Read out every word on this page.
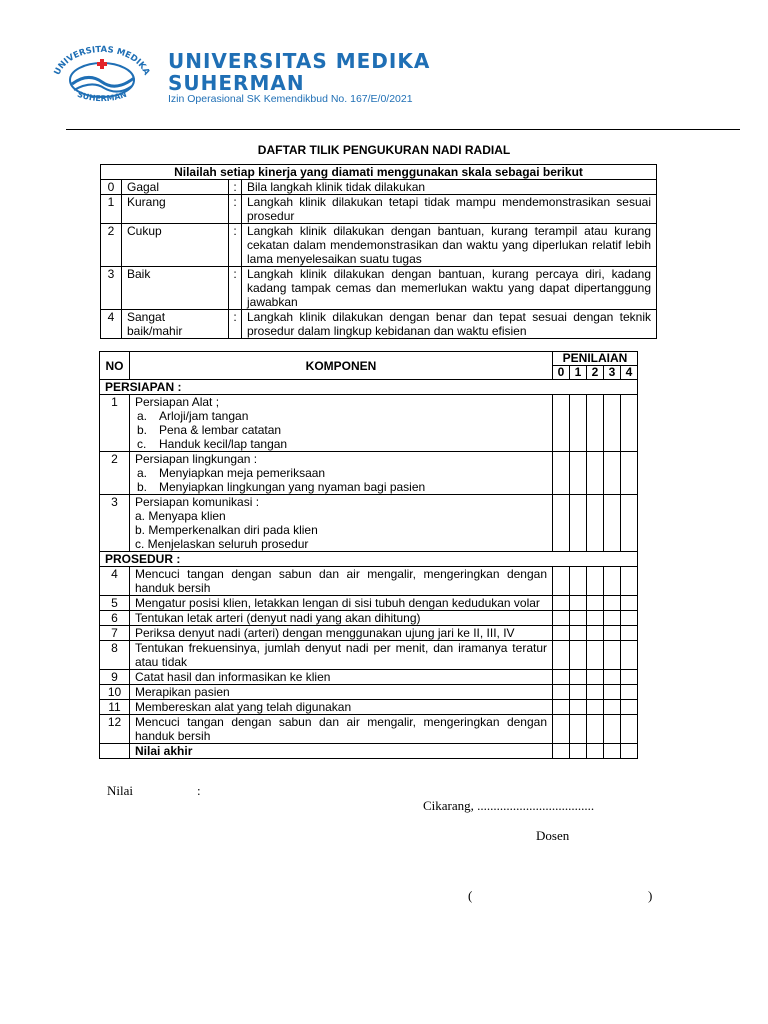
UNIVERSITAS MEDIKA
SUHERMAN
UNIVERSITAS MEDIKA
SUHERMAN
Izin Operasional SK Kemendikbud No. 167/E/0/2021
DAFTAR TILIK PENGUKURAN NADI RADIAL
Nilailah setiap kinerja yang diamati menggunakan skala sebagai berikut			
0	Gagal	:	Bila langkah klinik tidak dilakukan
1	Kurang	:	Langkah klinik dilakukan tetapi tidak mampu mendemonstrasikan sesuai prosedur
2	Cukup	:	Langkah klinik dilakukan dengan bantuan, kurang terampil atau kurang cekatan dalam mendemonstrasikan dan waktu yang diperlukan relatif lebih lama menyelesaikan suatu tugas
3	Baik	:	Langkah klinik dilakukan dengan bantuan, kurang percaya diri, kadang kadang tampak cemas dan memerlukan waktu yang dapat dipertanggung jawabkan
4	Sangat baik/mahir	:	Langkah klinik dilakukan dengan benar dan tepat sesuai dengan teknik prosedur dalam lingkup kebidanan dan waktu efisien
NO	KOMPONEN	PENILAIAN				
		0	1	2	3	4
PERSIAPAN :						
1	Persiapan Alat ;
a. Arloji/jam tangan
b. Pena & lembar catatan
c. Handuk kecil/lap tangan					

2	Persiapan lingkungan :
a. Menyiapkan meja pemeriksaan
b. Menyiapkan lingkungan yang nyaman bagi pasien					

3	Persiapan komunikasi :
a. Menyapa klien
b. Memperkenalkan diri pada klien
c. Menjelaskan seluruh prosedur					

PROSEDUR :						
4	Mencuci tangan dengan sabun dan air mengalir, mengeringkan dengan handuk bersih					
5	Mengatur posisi klien, letakkan lengan di sisi tubuh dengan kedudukan volar					
6	Tentukan letak arteri (denyut nadi yang akan dihitung)					
7	Periksa denyut nadi (arteri) dengan menggunakan ujung jari ke II, III, IV					
8	Tentukan frekuensinya, jumlah denyut nadi per menit, dan iramanya teratur atau tidak					
9	Catat hasil dan informasikan ke klien					
10	Merapikan pasien					
11	Membereskan alat yang telah digunakan					
12	Mencuci tangan dengan sabun dan air mengalir, mengeringkan dengan handuk bersih					
	Nilai akhir					
Nilai	:
Cikarang, ....................................
Dosen
(	)
